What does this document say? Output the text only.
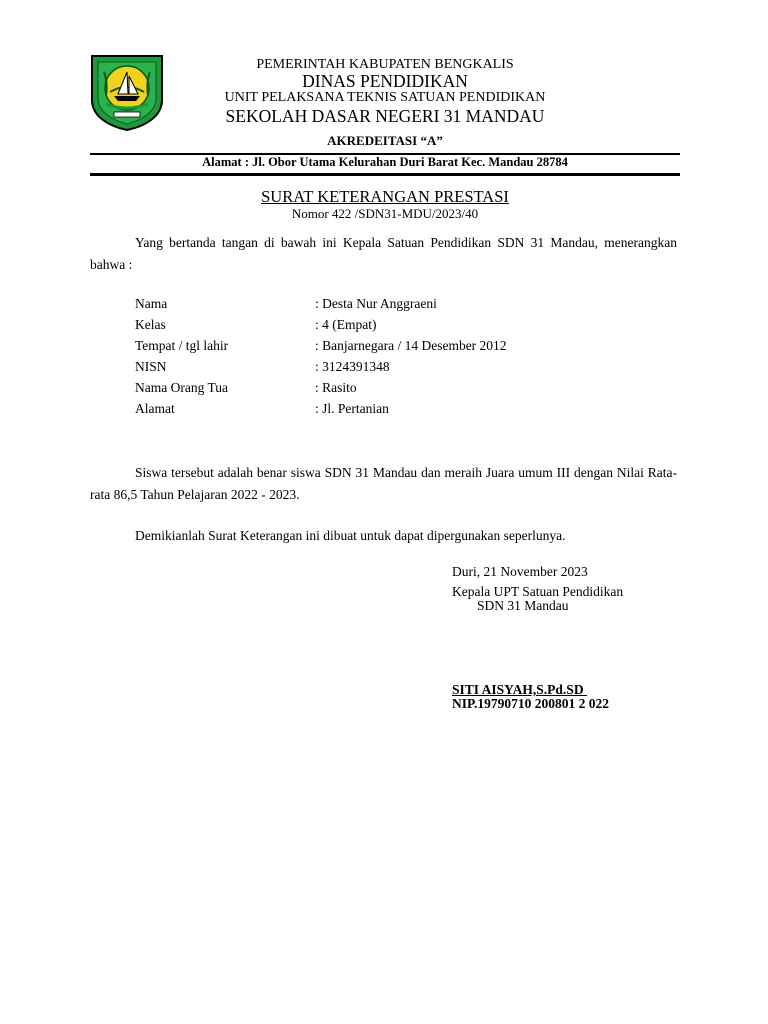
PEMERINTAH KABUPATEN BENGKALIS
DINAS PENDIDIKAN
UNIT PELAKSANA TEKNIS SATUAN PENDIDIKAN
SEKOLAH DASAR NEGERI 31 MANDAU
AKREDEITASI “A”
Alamat : Jl. Obor Utama Kelurahan Duri Barat Kec. Mandau 28784
SURAT KETERANGAN PRESTASI
Nomor 422 /SDN31-MDU/2023/40
Yang bertanda tangan di bawah ini Kepala Satuan Pendidikan SDN 31 Mandau, menerangkan bahwa :
Nama	: Desta Nur Anggraeni
Kelas	: 4 (Empat)
Tempat / tgl lahir	: Banjarnegara / 14 Desember 2012
NISN	: 3124391348
Nama Orang Tua	: Rasito
Alamat	: Jl. Pertanian
Siswa tersebut adalah benar siswa SDN 31 Mandau dan meraih Juara umum III dengan Nilai Rata-rata 86,5 Tahun Pelajaran 2022 - 2023.
Demikianlah Surat Keterangan ini dibuat untuk dapat dipergunakan seperlunya.
Duri, 21 November 2023
Kepala UPT Satuan Pendidikan
SDN 31 Mandau
SITI AISYAH,S.Pd.SD
NIP.19790710 200801 2 022
